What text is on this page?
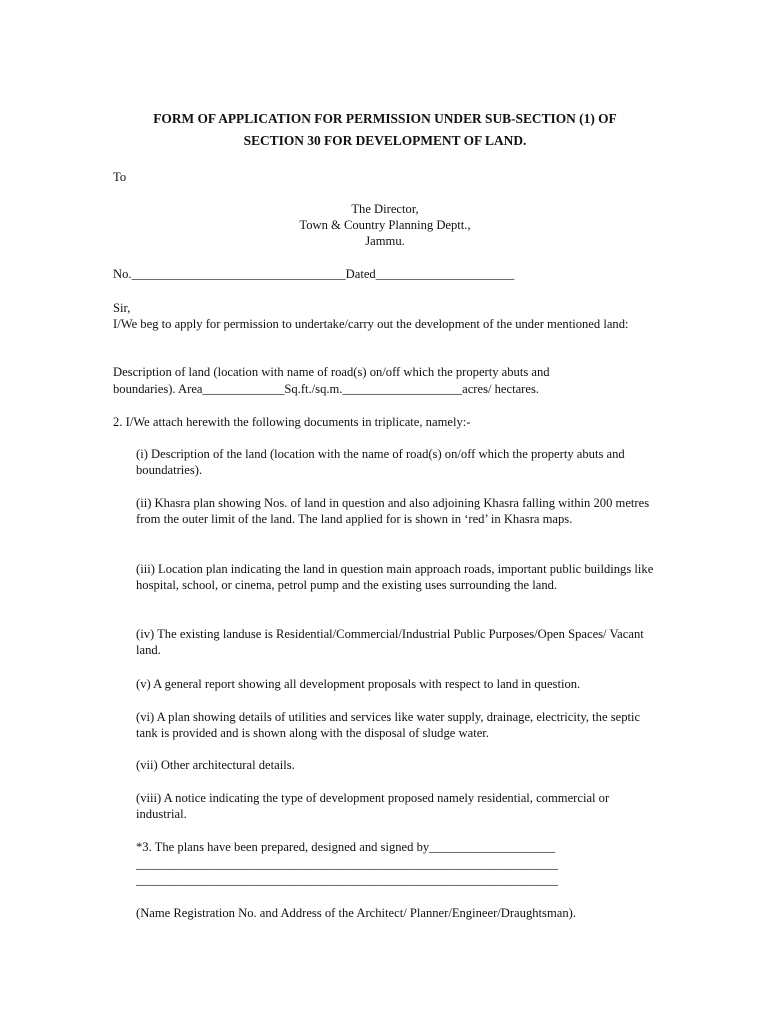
FORM OF APPLICATION FOR PERMISSION UNDER SUB-SECTION (1) OF
SECTION 30 FOR DEVELOPMENT OF LAND.
To
The Director,
Town & Country Planning Deptt.,
Jammu.
No.__________________________________Dated______________________
Sir,
I/We beg to apply for permission to undertake/carry out the development of the under mentioned land:
Description of land (location with name of road(s) on/off which the property abuts and
boundaries). Area_____________Sq.ft./sq.m.___________________acres/ hectares.
2. I/We attach herewith the following documents in triplicate, namely:-
(i) Description of the land (location with the name of road(s) on/off which the property abuts and boundatries).
(ii) Khasra plan showing Nos. of land in question and also adjoining Khasra falling within 200 metres from the outer limit of the land. The land applied for is shown in ‘red’ in Khasra maps.
(iii) Location plan indicating the land in question main approach roads, important public buildings like hospital, school, or cinema, petrol pump and the existing uses surrounding the land.
(iv) The existing landuse is Residential/Commercial/Industrial Public Purposes/Open Spaces/ Vacant land.
(v) A general report showing all development proposals with respect to land in question.
(vi) A plan showing details of utilities and services like water supply, drainage, electricity, the septic tank is provided and is shown along with the disposal of sludge water.
(vii) Other architectural details.
(viii) A notice indicating the type of development proposed namely residential, commercial or industrial.
*3. The plans have been prepared, designed and signed by____________________
___________________________________________________________________
___________________________________________________________________
(Name Registration No. and Address of the Architect/ Planner/Engineer/Draughtsman).
